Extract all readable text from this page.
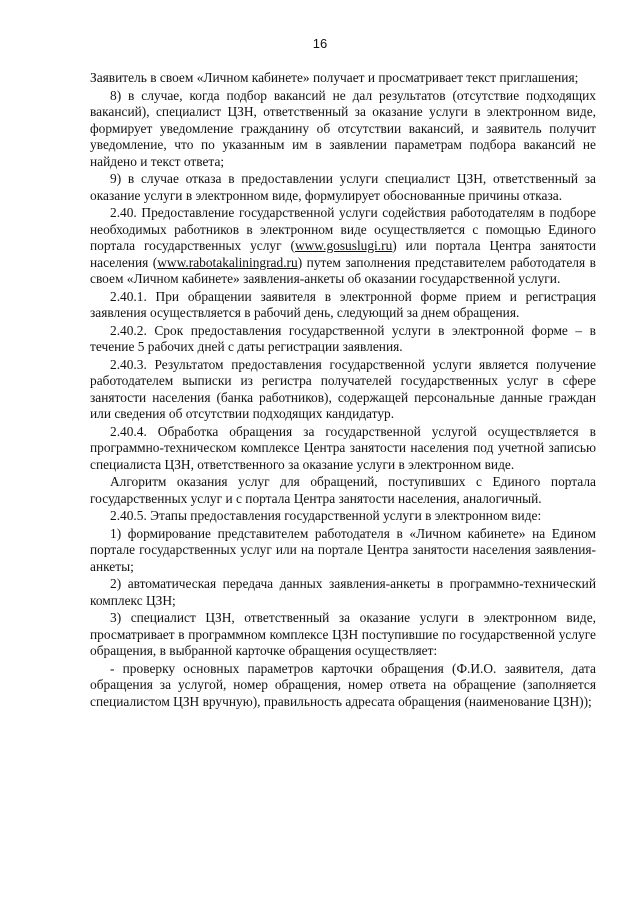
16

Заявитель в своем «Личном кабинете» получает и просматривает текст приглашения;

8) в случае, когда подбор вакансий не дал результатов (отсутствие подходящих вакансий), специалист ЦЗН, ответственный за оказание услуги в электронном виде, формирует уведомление гражданину об отсутствии вакансий, и заявитель получит уведомление, что по указанным им в заявлении параметрам подбора вакансий не найдено и текст ответа;

9) в случае отказа в предоставлении услуги специалист ЦЗН, ответственный за оказание услуги в электронном виде, формулирует обоснованные причины отказа.

2.40. Предоставление государственной услуги содействия работодателям в подборе необходимых работников в электронном виде осуществляется с помощью Единого портала государственных услуг (www.gosuslugi.ru) или портала Центра занятости населения (www.rabotakaliningrad.ru) путем заполнения представителем работодателя в своем «Личном кабинете» заявления-анкеты об оказании государственной услуги.

2.40.1. При обращении заявителя в электронной форме прием и регистрация заявления осуществляется в рабочий день, следующий за днем обращения.

2.40.2. Срок предоставления государственной услуги в электронной форме – в течение 5 рабочих дней с даты регистрации заявления.

2.40.3. Результатом предоставления государственной услуги является получение работодателем выписки из регистра получателей государственных услуг в сфере занятости населения (банка работников), содержащей персональные данные граждан или сведения об отсутствии подходящих кандидатур.

2.40.4. Обработка обращения за государственной услугой осуществляется в программно-техническом комплексе Центра занятости населения под учетной записью специалиста ЦЗН, ответственного за оказание услуги в электронном виде.

Алгоритм оказания услуг для обращений, поступивших с Единого портала государственных услуг и с портала Центра занятости населения, аналогичный.

2.40.5. Этапы предоставления государственной услуги в электронном виде:

1) формирование представителем работодателя в «Личном кабинете» на Едином портале государственных услуг или на портале Центра занятости населения заявления-анкеты;

2) автоматическая передача данных заявления-анкеты в программно-технический комплекс ЦЗН;

3) специалист ЦЗН, ответственный за оказание услуги в электронном виде, просматривает в программном комплексе ЦЗН поступившие по государственной услуге обращения, в выбранной карточке обращения осуществляет:

- проверку основных параметров карточки обращения (Ф.И.О. заявителя, дата обращения за услугой, номер обращения, номер ответа на обращение (заполняется специалистом ЦЗН вручную), правильность адресата обращения (наименование ЦЗН));
